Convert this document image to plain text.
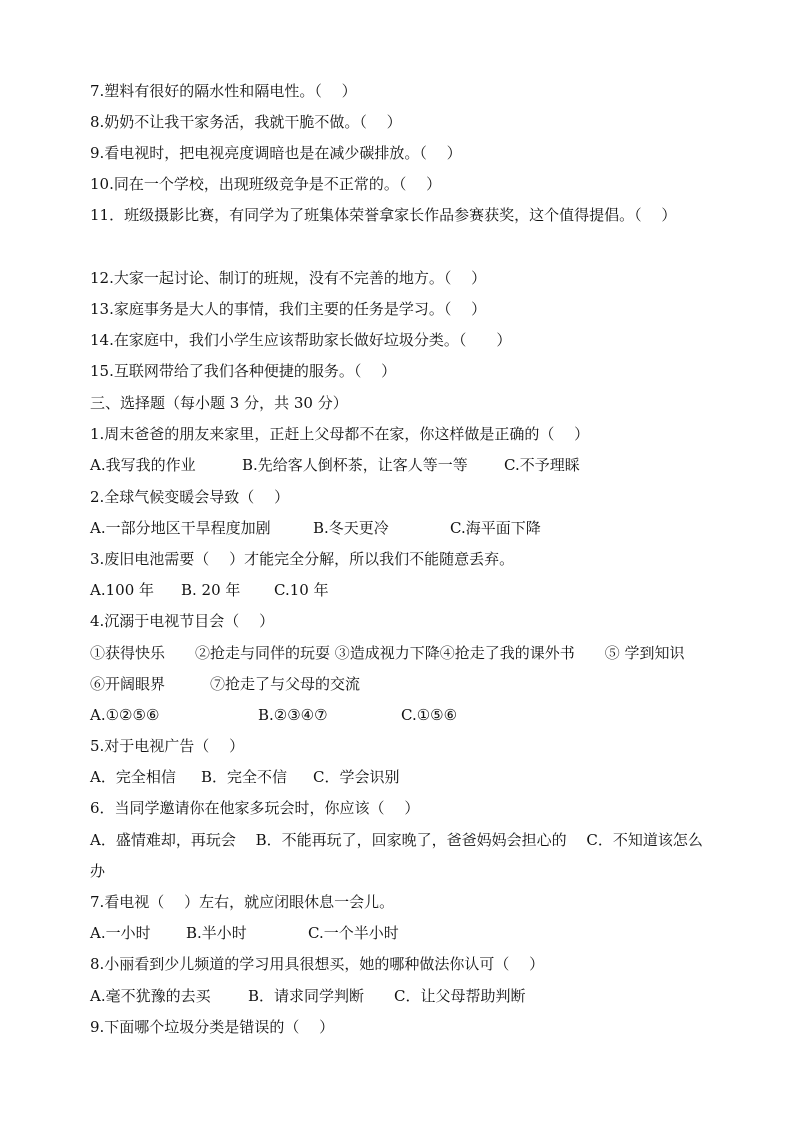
7.塑料有很好的隔水性和隔电性。（　 ）
8.奶奶不让我干家务活，我就干脆不做。（　 ）
9.看电视时，把电视亮度调暗也是在减少碳排放。（　 ）
10.同在一个学校，出现班级竞争是不正常的。（　 ）
11．班级摄影比赛，有同学为了班集体荣誉拿家长作品参赛获奖，这个值得提倡。（　 ）
12.大家一起讨论、制订的班规，没有不完善的地方。（　 ）
13.家庭事务是大人的事情，我们主要的任务是学习。（　 ）
14.在家庭中，我们小学生应该帮助家长做好垃圾分类。（　　）
15.互联网带给了我们各种便捷的服务。（　 ）
三、选择题（每小题 3 分，共 30 分）
1.周末爸爸的朋友来家里，正赶上父母都不在家，你这样做是正确的（　 ）
A.我写我的作业	B.先给客人倒杯茶，让客人等一等 C.不予理睬
2.全球气候变暖会导致（　 ）
A.一部分地区干旱程度加剧	B.冬天更冷	C.海平面下降
3.废旧电池需要（　 ）才能完全分解，所以我们不能随意丢弃。
A.100 年 B. 20 年 C.10 年
4.沉溺于电视节目会（　 ）
①获得快乐　　②抢走与同伴的玩耍 ③造成视力下降④抢走了我的课外书　　⑤ 学到知识　⑥开阔眼界　　　⑦抢走了与父母的交流
A.①②⑤⑥	B.②③④⑦	C.①⑤⑥
5.对于电视广告（　 ）
A．完全相信 B．完全不信 C．学会识别
6．当同学邀请你在他家多玩会时，你应该（　 ）
A．盛情难却，再玩会　 B．不能再玩了，回家晚了，爸爸妈妈会担心的　 C．不知道该怎么办
7.看电视（　 ）左右，就应闭眼休息一会儿。
A.一小时 B.半小时	C.一个半小时
8.小丽看到少儿频道的学习用具很想买，她的哪种做法你认可（　 ）
A.毫不犹豫的去买 B．请求同学判断 C．让父母帮助判断
9.下面哪个垃圾分类是错误的（　 ）
